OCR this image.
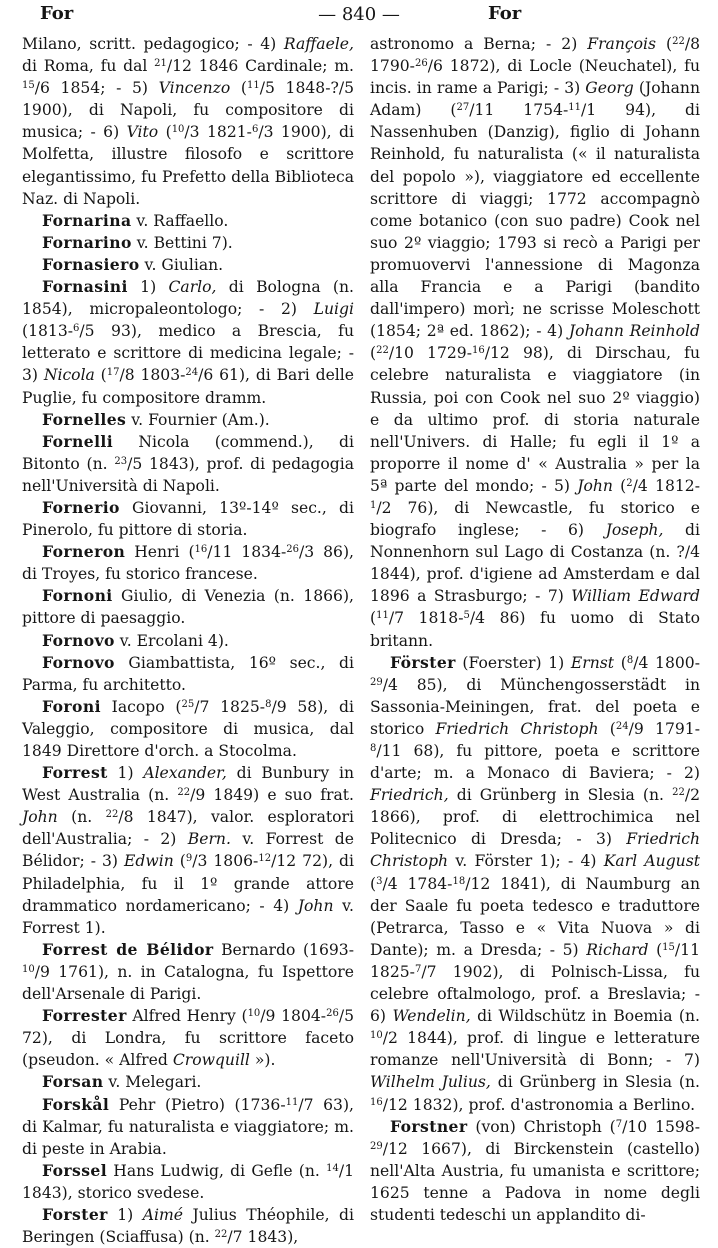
For	— 840 —	For

Milano, scritt. pedagogico; - 4) Raffaele, di Roma, fu dal $^{21}$/12 1846 Cardinale; m. $^{15}$/6 1854; - 5) Vincenzo ($^{11}$/5 1848-?/5 1900), di Napoli, fu compositore di musica; - 6) Vito ($^{10}$/3 1821-$^6$/3 1900), di Molfetta, illustre filosofo e scrittore elegantissimo, fu Prefetto della Biblioteca Naz. di Napoli.

Fornarina v. Raffaello.

Fornarino v. Bettini 7).

Fornasiero v. Giulian.

Fornasini 1) Carlo, di Bologna (n. 1854), micropaleontologo; - 2) Luigi (1813-$^6$/5 93), medico a Brescia, fu letterato e scrittore di medicina legale; - 3) Nicola ($^{17}$/8 1803-$^{24}$/6 61), di Bari delle Puglie, fu compositore dramm.

Fornelles v. Fournier (Am.).

Fornelli Nicola (commend.), di Bitonto (n. $^{23}$/5 1843), prof. di pedagogia nell'Università di Napoli.

Fornerio Giovanni, 13º-14º sec., di Pinerolo, fu pittore di storia.

Forneron Henri ($^{16}$/11 1834-$^{26}$/3 86), di Troyes, fu storico francese.

Fornoni Giulio, di Venezia (n. 1866), pittore di paesaggio.

Fornovo v. Ercolani 4).

Fornovo Giambattista, 16º sec., di Parma, fu architetto.

Foroni Iacopo ($^{25}$/7 1825-$^8$/9 58), di Valeggio, compositore di musica, dal 1849 Direttore d'orch. a Stocolma.

Forrest 1) Alexander, di Bunbury in West Australia (n. $^{22}$/9 1849) e suo frat. John (n. $^{22}$/8 1847), valor. esploratori dell'Australia; - 2) Bern. v. Forrest de Bélidor; - 3) Edwin ($^9$/3 1806-$^{12}$/12 72), di Philadelphia, fu il 1º grande attore drammatico nordamericano; - 4) John v. Forrest 1).

Forrest de Bélidor Bernardo (1693-$^{10}$/9 1761), n. in Catalogna, fu Ispettore dell'Arsenale di Parigi.

Forrester Alfred Henry ($^{10}$/9 1804-$^{26}$/5 72), di Londra, fu scrittore faceto (pseudon. « Alfred Crowquill »).

Forsan v. Melegari.

Forskål Pehr (Pietro) (1736-$^{11}$/7 63), di Kalmar, fu naturalista e viaggiatore; m. di peste in Arabia.

Forssel Hans Ludwig, di Gefle (n. $^{14}$/1 1843), storico svedese.

Forster 1) Aimé Julius Théophile, di Beringen (Sciaffusa) (n. $^{22}$/7 1843),

astronomo a Berna; - 2) François ($^{22}$/8 1790-$^{26}$/6 1872), di Locle (Neuchatel), fu incis. in rame a Parigi; - 3) Georg (Johann Adam) ($^{27}$/11 1754-$^{11}$/1 94), di Nassenhuben (Danzig), figlio di Johann Reinhold, fu naturalista (« il naturalista del popolo »), viaggiatore ed eccellente scrittore di viaggi; 1772 accompagnò come botanico (con suo padre) Cook nel suo 2º viaggio; 1793 si recò a Parigi per promuovervi l'annessione di Magonza alla Francia e a Parigi (bandito dall'impero) morì; ne scrisse Moleschott (1854; 2ª ed. 1862); - 4) Johann Reinhold ($^{22}$/10 1729-$^{16}$/12 98), di Dirschau, fu celebre naturalista e viaggiatore (in Russia, poi con Cook nel suo 2º viaggio) e da ultimo prof. di storia naturale nell'Univers. di Halle; fu egli il 1º a proporre il nome d' « Australia » per la 5ª parte del mondo; - 5) John ($^2$/4 1812-$^1$/2 76), di Newcastle, fu storico e biografo inglese; - 6) Joseph, di Nonnenhorn sul Lago di Costanza (n. ?/4 1844), prof. d'igiene ad Amsterdam e dal 1896 a Strasburgo; - 7) William Edward ($^{11}$/7 1818-$^5$/4 86) fu uomo di Stato britann.

Förster (Foerster) 1) Ernst ($^8$/4 1800-$^{29}$/4 85), di Münchengosserstädt in Sassonia-Meiningen, frat. del poeta e storico Friedrich Christoph ($^{24}$/9 1791-$^8$/11 68), fu pittore, poeta e scrittore d'arte; m. a Monaco di Baviera; - 2) Friedrich, di Grünberg in Slesia (n. $^{22}$/2 1866), prof. di elettrochimica nel Politecnico di Dresda; - 3) Friedrich Christoph v. Förster 1); - 4) Karl August ($^3$/4 1784-$^{18}$/12 1841), di Naumburg an der Saale fu poeta tedesco e traduttore (Petrarca, Tasso e « Vita Nuova » di Dante); m. a Dresda; - 5) Richard ($^{15}$/11 1825-$^7$/7 1902), di Polnisch-Lissa, fu celebre oftalmologo, prof. a Breslavia; - 6) Wendelin, di Wildschütz in Boemia (n. $^{10}$/2 1844), prof. di lingue e letterature romanze nell'Università di Bonn; - 7) Wilhelm Julius, di Grünberg in Slesia (n. $^{16}$/12 1832), prof. d'astronomia a Berlino.

Forstner (von) Christoph ($^7$/10 1598-$^{29}$/12 1667), di Birckenstein (castello) nell'Alta Austria, fu umanista e scrittore; 1625 tenne a Padova in nome degli studenti tedeschi un applandito di-
